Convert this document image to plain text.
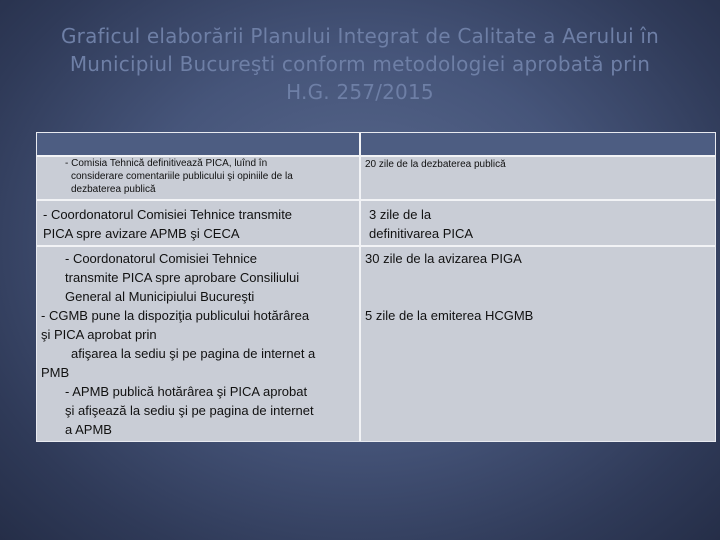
Graficul elaborării Planului Integrat de Calitate a Aerului în
Municipiul Bucureşti conform metodologiei aprobată prin
H.G. 257/2015
- Comisia Tehnică definitivează PICA, luînd în
considerare comentariile publicului şi opiniile de la
dezbaterea publică
20 zile de la dezbaterea publică
- Coordonatorul Comisiei Tehnice transmite
PICA spre avizare APMB şi CECA
3 zile de la
definitivarea PICA
- Coordonatorul Comisiei Tehnice
transmite PICA spre aprobare Consiliului
General al Municipiului Bucureşti
- CGMB pune la dispoziţia publicului hotărârea
şi PICA aprobat prin
afişarea la sediu şi pe pagina de internet a
PMB
- APMB publică hotărârea şi PICA aprobat
şi afişează la sediu şi pe pagina de internet
a APMB
30 zile de la avizarea PIGA
5 zile de la emiterea HCGMB
